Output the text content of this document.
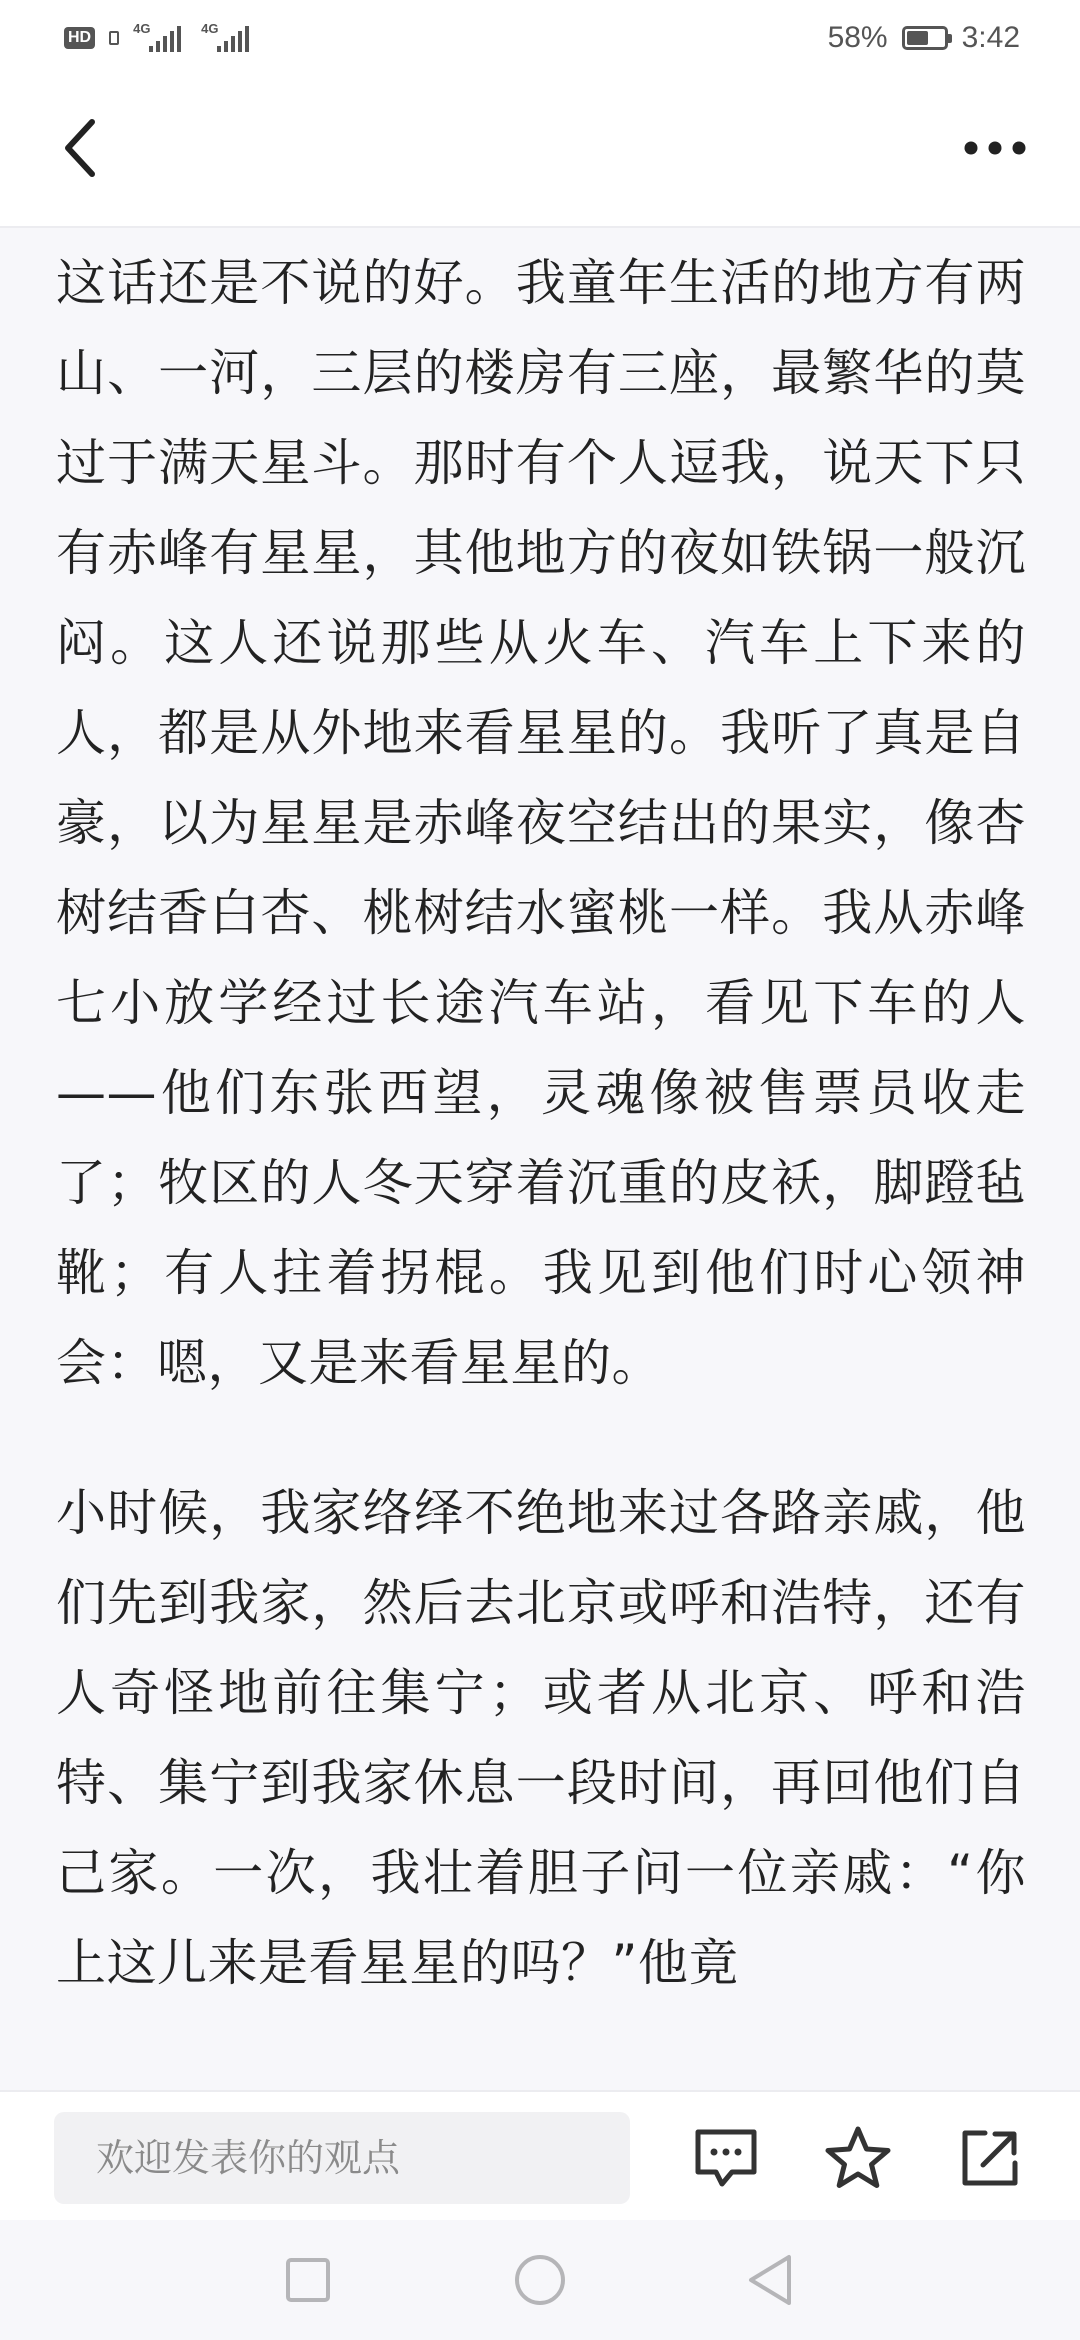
HD
4G	4G	58% 3:42

这话还是不说的好。我童年生活的地方有两山、一河，三层的楼房有三座，最繁华的莫过于满天星斗。那时有个人逗我，说天下只有赤峰有星星，其他地方的夜如铁锅一般沉闷。这人还说那些从火车、汽车上下来的人，都是从外地来看星星的。我听了真是自豪，以为星星是赤峰夜空结出的果实，像杏树结香白杏、桃树结水蜜桃一样。我从赤峰七小放学经过长途汽车站，看见下车的人——他们东张西望，灵魂像被售票员收走了；牧区的人冬天穿着沉重的皮袄，脚蹬毡靴；有人拄着拐棍。我见到他们时心领神会：嗯，又是来看星星的。

小时候，我家络绎不绝地来过各路亲戚，他们先到我家，然后去北京或呼和浩特，还有人奇怪地前往集宁；或者从北京、呼和浩特、集宁到我家休息一段时间，再回他们自己家。一次，我壮着胆子问一位亲戚：“你上这儿来是看星星的吗？”他竟

欢迎发表你的观点
